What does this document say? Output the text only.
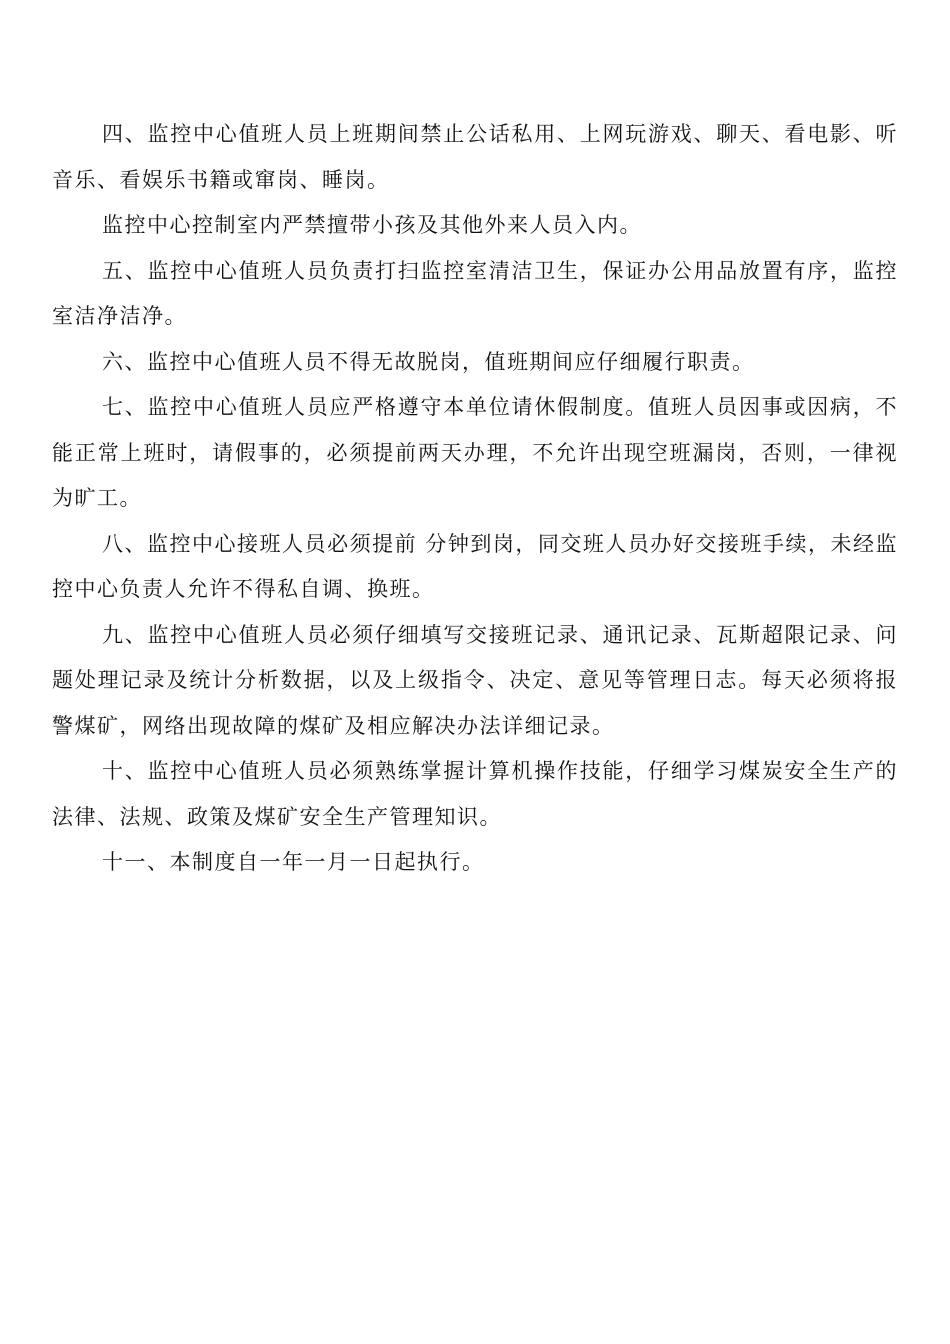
四、监控中心值班人员上班期间禁止公话私用、上网玩游戏、聊天、看电影、听音乐、看娱乐书籍或窜岗、睡岗。

监控中心控制室内严禁擅带小孩及其他外来人员入内。

五、监控中心值班人员负责打扫监控室清洁卫生，保证办公用品放置有序，监控室洁净洁净。

六、监控中心值班人员不得无故脱岗，值班期间应仔细履行职责。

七、监控中心值班人员应严格遵守本单位请休假制度。值班人员因事或因病，不能正常上班时，请假事的，必须提前两天办理，不允许出现空班漏岗，否则，一律视为旷工。

八、监控中心接班人员必须提前 分钟到岗，同交班人员办好交接班手续，未经监控中心负责人允许不得私自调、换班。

九、监控中心值班人员必须仔细填写交接班记录、通讯记录、瓦斯超限记录、问题处理记录及统计分析数据，以及上级指令、决定、意见等管理日志。每天必须将报警煤矿，网络出现故障的煤矿及相应解决办法详细记录。

十、监控中心值班人员必须熟练掌握计算机操作技能，仔细学习煤炭安全生产的法律、法规、政策及煤矿安全生产管理知识。

十一、本制度自一年一月一日起执行。
